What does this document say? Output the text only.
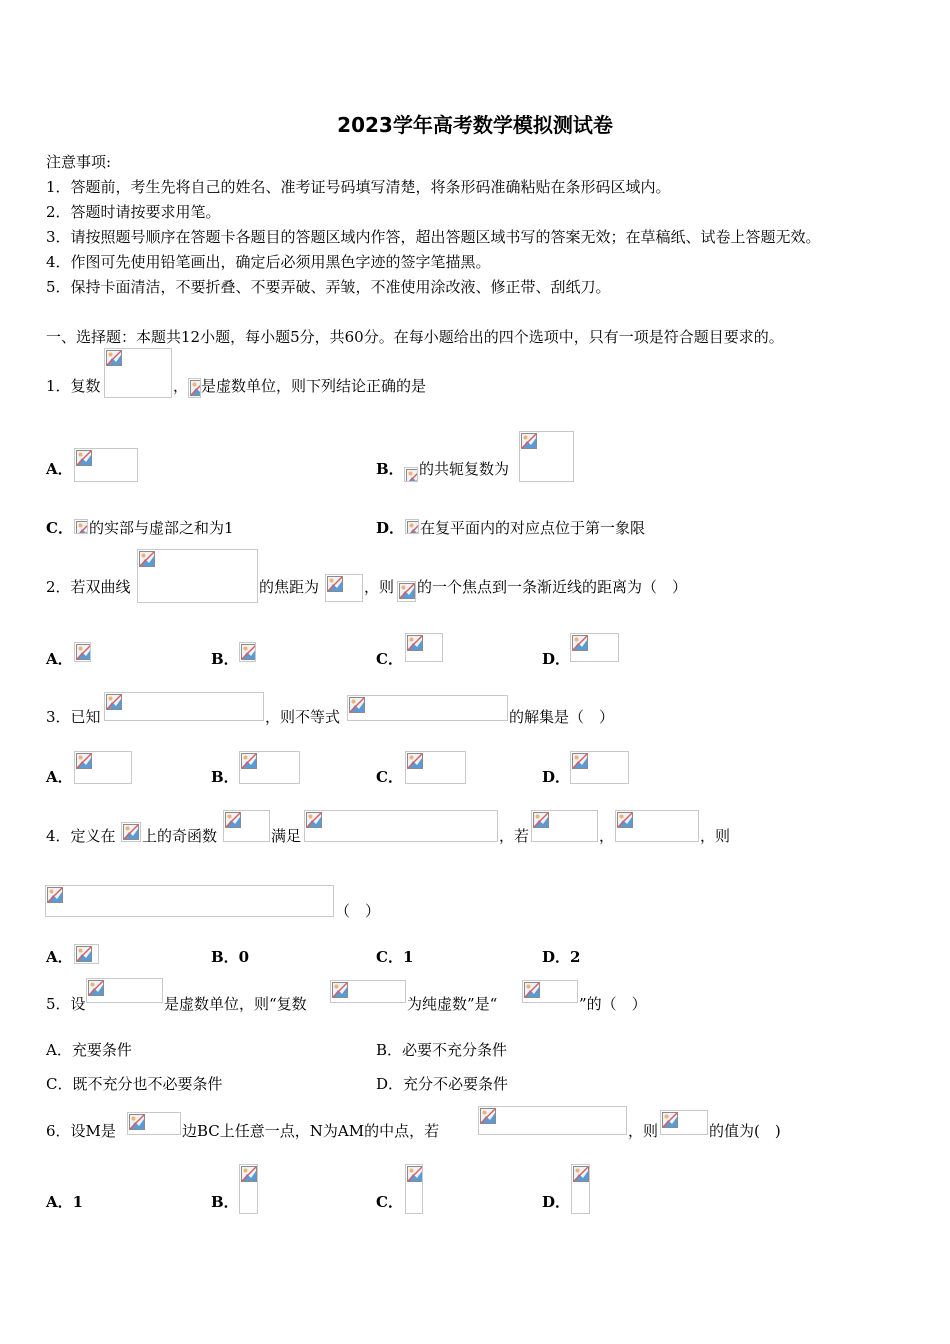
2023学年高考数学模拟测试卷
注意事项:
1．答题前，考生先将自己的姓名、准考证号码填写清楚，将条形码准确粘贴在条形码区域内。
2．答题时请按要求用笔。
3．请按照题号顺序在答题卡各题目的答题区域内作答，超出答题区域书写的答案无效；在草稿纸、试卷上答题无效。
4．作图可先使用铅笔画出，确定后必须用黑色字迹的签字笔描黑。
5．保持卡面清洁，不要折叠、不要弄破、弄皱，不准使用涂改液、修正带、刮纸刀。
一、选择题：本题共12小题，每小题5分，共60分。在每小题给出的四个选项中，只有一项是符合题目要求的。
1．复数	， 是虚数单位，则下列结论正确的是
A．	B． 的共轭复数为
C． 的实部与虚部之和为1	D． 在复平面内的对应点位于第一象限
2．若双曲线	的焦距为	，则 的一个焦点到一条渐近线的距离为（　）
A．	B．	C．	D．
3．已知	，则不等式	的解集是（　）
A．	B．	C．	D．
4．定义在 上的奇函数	满足	，若	，	，则
（　）
A．	B．0	C．1	D．2
5．设	是虚数单位，则“复数	为纯虚数”是“	”的（　）
A．充要条件	B．必要不充分条件
C．既不充分也不必要条件	D．充分不必要条件
6．设M是	边BC上任意一点，N为AM的中点，若	，则	的值为(　)
A．1	B．	C．	D．
